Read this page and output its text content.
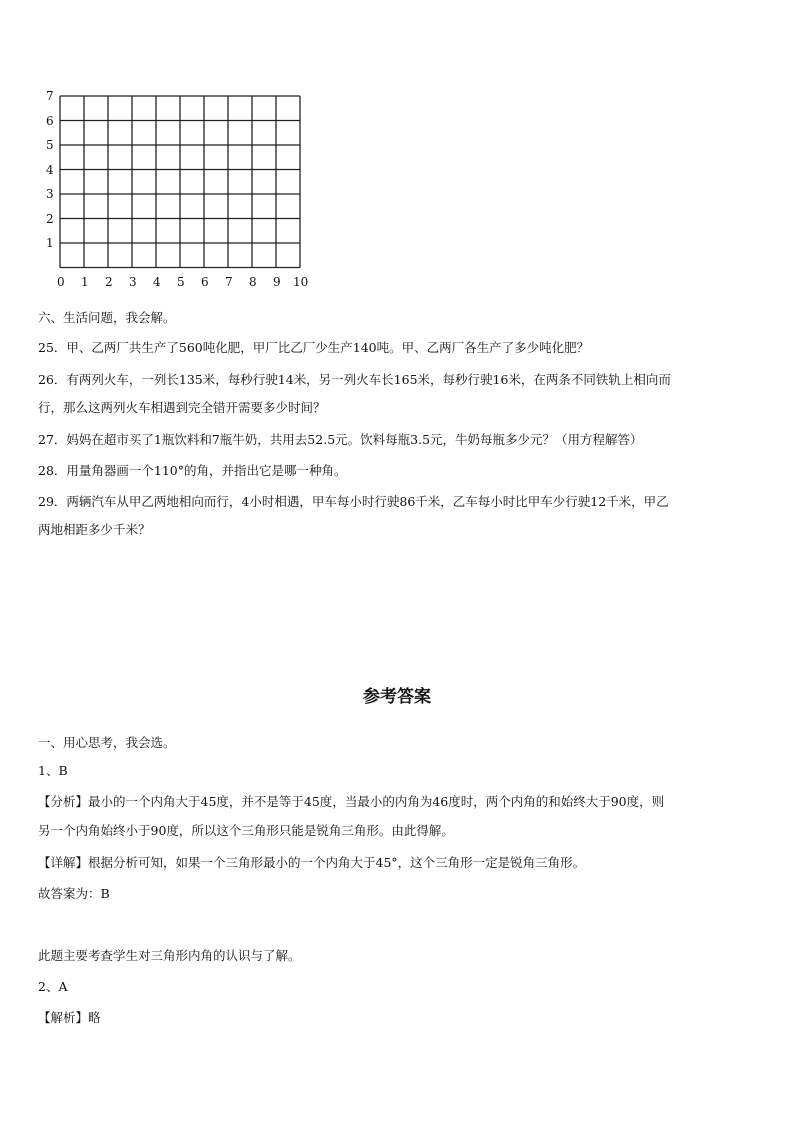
7
6
5
4
3
2
1
0 1 2 3 4 5 6 7 8 9 10
六、生活问题，我会解。
25．甲、乙两厂共生产了560吨化肥，甲厂比乙厂少生产140吨。甲、乙两厂各生产了多少吨化肥？
26．有两列火车，一列长135米，每秒行驶14米，另一列火车长165米，每秒行驶16米，在两条不同铁轨上相向而
行，那么这两列火车相遇到完全错开需要多少时间？
27．妈妈在超市买了1瓶饮料和7瓶牛奶，共用去52.5元。饮料每瓶3.5元，牛奶每瓶多少元？（用方程解答）
28．用量角器画一个110°的角，并指出它是哪一种角。
29．两辆汽车从甲乙两地相向而行，4小时相遇，甲车每小时行驶86千米，乙车每小时比甲车少行驶12千米，甲乙
两地相距多少千米？
参考答案
一、用心思考，我会选。
1、B
【分析】最小的一个内角大于45度，并不是等于45度，当最小的内角为46度时，两个内角的和始终大于90度，则
另一个内角始终小于90度，所以这个三角形只能是锐角三角形。由此得解。
【详解】根据分析可知，如果一个三角形最小的一个内角大于45°，这个三角形一定是锐角三角形。
故答案为：B
此题主要考查学生对三角形内角的认识与了解。
2、A
【解析】略
